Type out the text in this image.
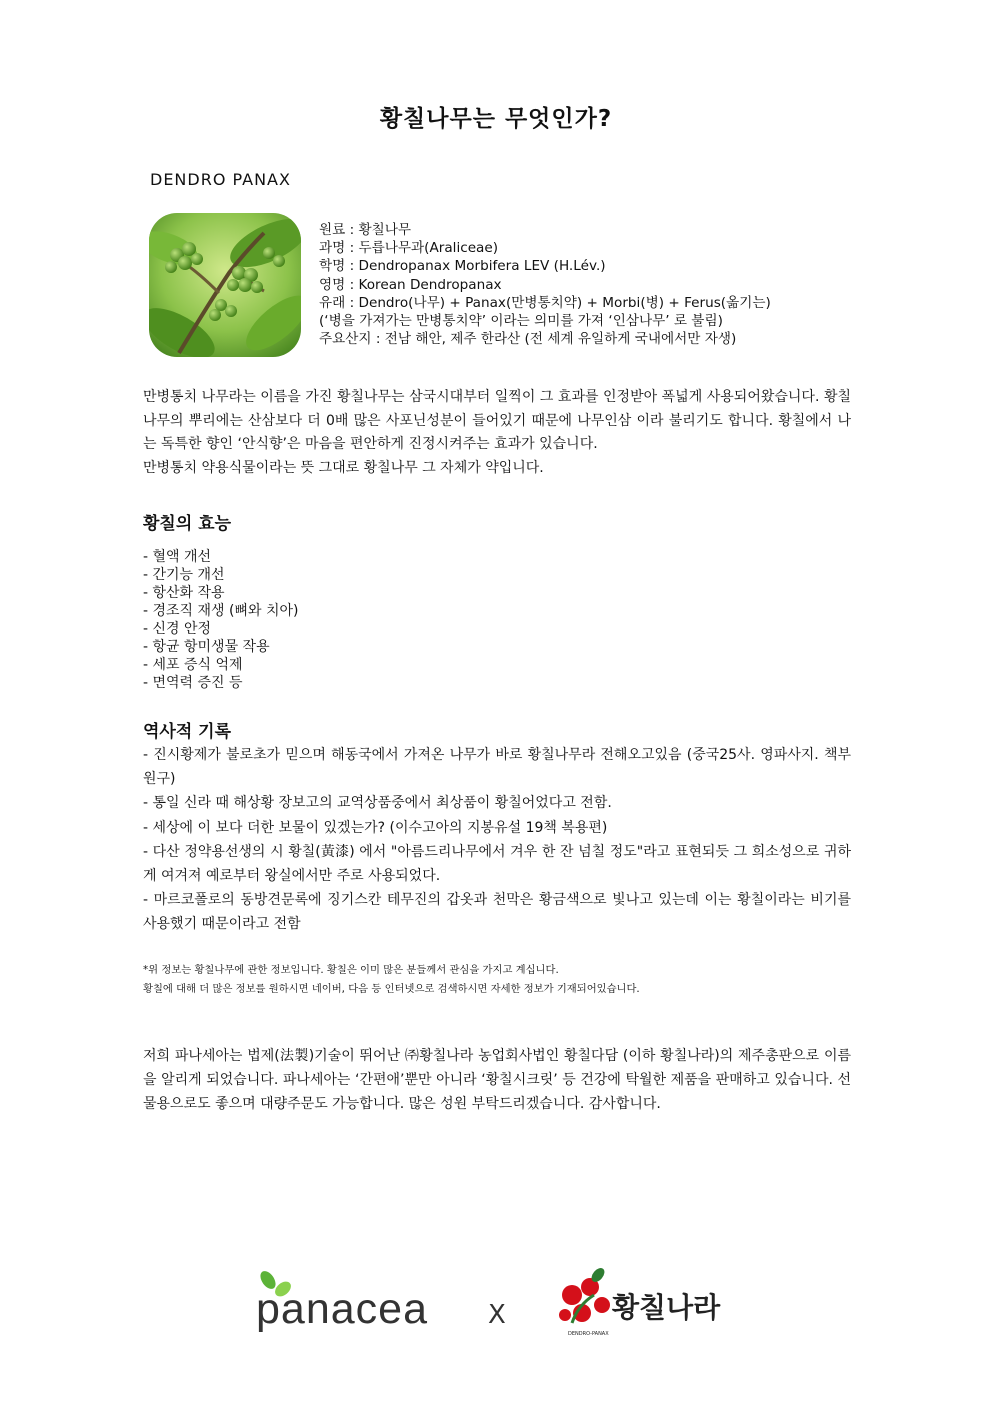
황칠나무는 무엇인가?
DENDRO PANAX
원료 : 황칠나무
과명 : 두릅나무과(Araliceae)
학명 : Dendropanax Morbifera LEV (H.Lév.)
영명 : Korean Dendropanax
유래 : Dendro(나무) + Panax(만병통치약) + Morbi(병) + Ferus(옮기는)
(‘병을 가져가는 만병통치약’ 이라는 의미를 가져 ‘인삼나무’ 로 불림)
주요산지 : 전남 해안, 제주 한라산 (전 세계 유일하게 국내에서만 자생)

만병통치 나무라는 이름을 가진 황칠나무는 삼국시대부터 일찍이 그 효과를 인정받아 폭넓게 사용되어왔습니다. 황칠나무의 뿌리에는 산삼보다 더 0배 많은 사포닌성분이 들어있기 때문에 나무인삼 이라 불리기도 합니다. 황칠에서 나는 독특한 향인 ‘안식향’은 마음을 편안하게 진정시켜주는 효과가 있습니다.

만병통치 약용식물이라는 뜻 그대로 황칠나무 그 자체가 약입니다.

황칠의 효능
- 혈액 개선
- 간기능 개선
- 항산화 작용
- 경조직 재생 (뼈와 치아)
- 신경 안정
- 항균 항미생물 작용
- 세포 증식 억제
- 면역력 증진 등
역사적 기록

- 진시황제가 불로초가 믿으며 해동국에서 가져온 나무가 바로 황칠나무라 전해오고있음 (중국25사. 영파사지. 책부원구)

- 통일 신라 때 해상황 장보고의 교역상품중에서 최상품이 황칠어었다고 전함.

- 세상에 이 보다 더한 보물이 있겠는가? (이수고아의 지봉유설 19책 복용편)

- 다산 정약용선생의 시 황칠(黃漆) 에서 "아름드리나무에서 겨우 한 잔 넘칠 정도"라고 표현되듯 그 희소성으로 귀하게 여겨져 예로부터 왕실에서만 주로 사용되었다.

- 마르코폴로의 동방견문록에 징기스칸 테무진의 갑옷과 천막은 황금색으로 빛나고 있는데 이는 황칠이라는 비기를 사용했기 때문이라고 전함

*위 정보는 황칠나무에 관한 정보입니다. 황칠은 이미 많은 분들께서 관심을 가지고 계십니다.
황칠에 대해 더 많은 정보를 원하시면 네이버, 다음 등 인터넷으로 검색하시면 자세한 정보가 기재되어있습니다.
저희 파나세아는 법제(法製)기술이 뛰어난 ㈜황칠나라 농업회사법인 황칠다담 (이하 황칠나라)의 제주총판으로 이름을 알리게 되었습니다. 파나세아는 ‘간편애’뿐만 아니라 ‘황칠시크릿’ 등 건강에 탁월한 제품을 판매하고 있습니다. 선물용으로도 좋으며 대량주문도 가능합니다. 많은 성원 부탁드리겠습니다. 감사합니다.
panacea X	황칠나라
DENDRO-PANAX
